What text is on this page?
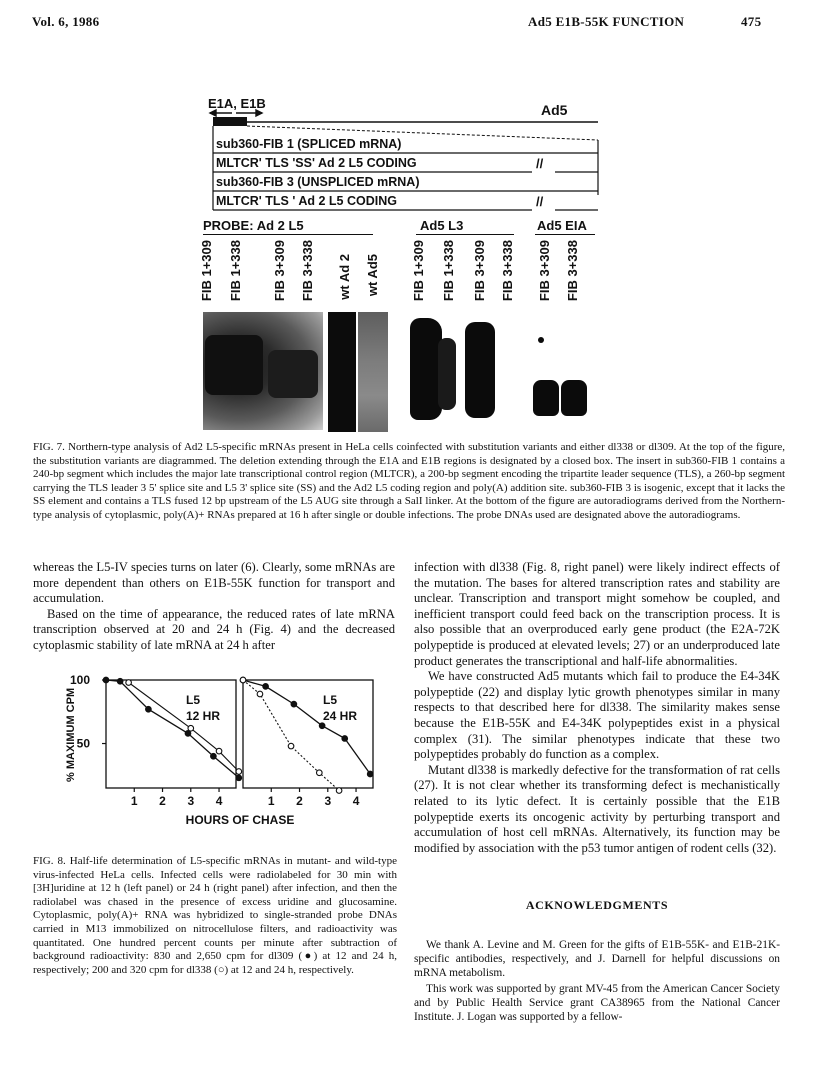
Vol. 6, 1986	Ad5 E1B-55K FUNCTION	475
E1A, E1B	Ad5
sub360-FIB 1 (SPLICED mRNA)
MLTCR' TLS 'SS' Ad 2 L5 CODING	//
sub360-FIB 3 (UNSPLICED mRNA)
MLTCR' TLS ' Ad 2 L5 CODING	//
PROBE: Ad 2 L5	Ad5 L3	Ad5 EIA
FIB 1+309 FIB 1+338 FIB 3+309 FIB 3+338 wt Ad 2 wt Ad5 FIB 1+309 FIB 1+338 FIB 3+309 FIB 3+338 FIB 3+309 FIB 3+338
FIG. 7. Northern-type analysis of Ad2 L5-specific mRNAs present in HeLa cells coinfected with substitution variants and either dl338 or dl309. At the top of the figure, the substitution variants are diagrammed. The deletion extending through the E1A and E1B regions is designated by a closed box. The insert in sub360-FIB 1 contains a 240-bp segment which includes the major late transcriptional control region (MLTCR), a 200-bp segment encoding the tripartite leader sequence (TLS), a 260-bp segment carrying the TLS leader 3 5' splice site and L5 3' splice site (SS) and the Ad2 L5 coding region and poly(A) addition site. sub360-FIB 3 is isogenic, except that it lacks the SS element and contains a TLS fused 12 bp upstream of the L5 AUG site through a SalI linker. At the bottom of the figure are autoradiograms derived from the Northern-type analysis of cytoplasmic, poly(A)+ RNAs prepared at 16 h after single or double infections. The probe DNAs used are designated above the autoradiograms.

whereas the L5-IV species turns on later (6). Clearly, some mRNAs are more dependent than others on E1B-55K function for transport and accumulation.

Based on the time of appearance, the reduced rates of late mRNA transcription observed at 20 and 24 h (Fig. 4) and the decreased cytoplasmic stability of late mRNA at 24 h after

% MAXIMUM CPM
100
50
1 2 3 4
L5
12 HR
1 2 3 4
L5
24 HR
HOURS OF CHASE
FIG. 8. Half-life determination of L5-specific mRNAs in mutant- and wild-type virus-infected HeLa cells. Infected cells were radiolabeled for 30 min with [3H]uridine at 12 h (left panel) or 24 h (right panel) after infection, and then the radiolabel was chased in the presence of excess uridine and glucosamine. Cytoplasmic, poly(A)+ RNA was hybridized to single-stranded probe DNAs carried in M13 immobilized on nitrocellulose filters, and radioactivity was quantitated. One hundred percent counts per minute after subtraction of background radioactivity: 830 and 2,650 cpm for dl309 (●) at 12 and 24 h, respectively; 200 and 320 cpm for dl338 (○) at 12 and 24 h, respectively.

infection with dl338 (Fig. 8, right panel) were likely indirect effects of the mutation. The bases for altered transcription rates and stability are unclear. Transcription and transport might somehow be coupled, and inefficient transport could feed back on the transcription process. It is also possible that an overproduced early gene product (the E2A-72K polypeptide is produced at elevated levels; 27) or an underproduced late product generates the transcriptional and half-life abnormalities.

We have constructed Ad5 mutants which fail to produce the E4-34K polypeptide (22) and display lytic growth phenotypes similar in many respects to that described here for dl338. The similarity makes sense because the E1B-55K and E4-34K polypeptides exist in a physical complex (31). The similar phenotypes indicate that these two polypeptides probably do function as a complex.

Mutant dl338 is markedly defective for the transformation of rat cells (27). It is not clear whether its transforming defect is mechanistically related to its lytic defect. It is certainly possible that the E1B polypeptide exerts its oncogenic activity by perturbing transport and accumulation of host cell mRNAs. Alternatively, its function may be modified by association with the p53 tumor antigen of rodent cells (32).

ACKNOWLEDGMENTS

We thank A. Levine and M. Green for the gifts of E1B-55K- and E1B-21K-specific antibodies, respectively, and J. Darnell for helpful discussions on mRNA metabolism.

This work was supported by grant MV-45 from the American Cancer Society and by Public Health Service grant CA38965 from the National Cancer Institute. J. Logan was supported by a fellow-
